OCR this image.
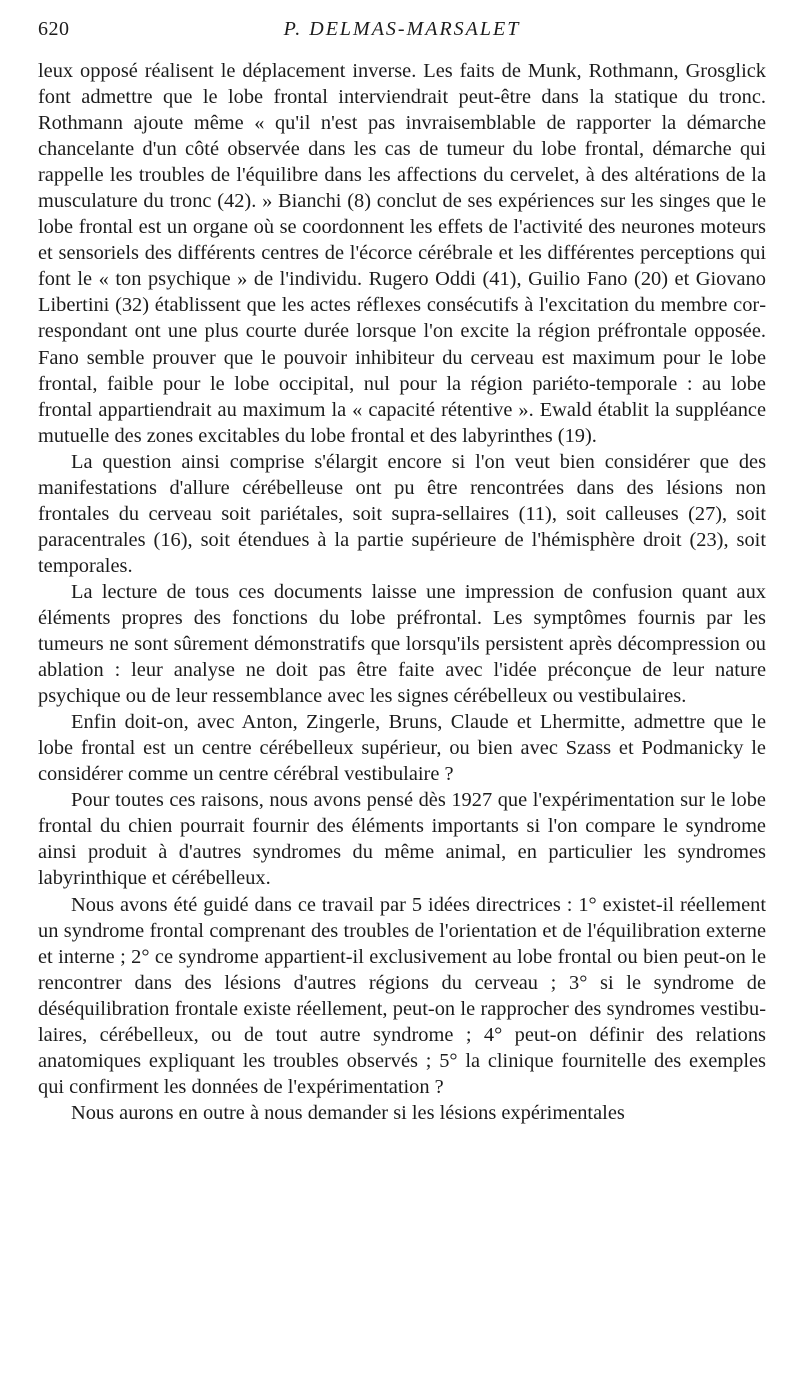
620	P. DELMAS-MARSALET

leux opposé réalisent le déplacement inverse. Les faits de Munk, Rothmann, Grosglick font admettre que le lobe frontal interviendrait peut-être dans la statique du tronc. Rothmann ajoute même « qu'il n'est pas invraisemblable de rapporter la démarche chancelante d'un côté observée dans les cas de tumeur du lobe frontal, démarche qui rappelle les troubles de l'équilibre dans les affections du cervelet, à des altérations de la musculature du tronc (42). » Bianchi (8) conclut de ses expériences sur les singes que le lobe frontal est un organe où se coordonnent les effets de l'activité des neurones moteurs et sensoriels des différents centres de l'écorce cérébrale et les différentes perceptions qui font le « ton psychique » de l'individu. Rugero Oddi (41), Guilio Fano (20) et Giovano Libertini (32) établissent que les actes réflexes consécutifs à l'excitation du membre correspondant ont une plus courte durée lorsque l'on excite la région préfrontale opposée. Fano semble prouver que le pouvoir inhibiteur du cerveau est maximum pour le lobe frontal, faible pour le lobe occipital, nul pour la région pariéto-temporale : au lobe frontal appartiendrait au maximum la « capacité rétentive ». Ewald établit la suppléance mutuelle des zones excitables du lobe frontal et des labyrinthes (19).

La question ainsi comprise s'élargit encore si l'on veut bien considérer que des manifestations d'allure cérébelleuse ont pu être rencontrées dans des lésions non frontales du cerveau soit pariétales, soit supra-sellaires (11), soit calleuses (27), soit paracentrales (16), soit étendues à la partie supérieure de l'hémisphère droit (23), soit temporales.

La lecture de tous ces documents laisse une impression de confusion quant aux éléments propres des fonctions du lobe préfrontal. Les symptômes fournis par les tumeurs ne sont sûrement démonstratifs que lorsqu'ils persistent après décompression ou ablation : leur analyse ne doit pas être faite avec l'idée préconçue de leur nature psychique ou de leur ressemblance avec les signes cérébelleux ou vestibulaires.

Enfin doit-on, avec Anton, Zingerle, Bruns, Claude et Lhermitte, admettre que le lobe frontal est un centre cérébelleux supérieur, ou bien avec Szass et Podmanicky le considérer comme un centre cérébral vestibulaire ?

Pour toutes ces raisons, nous avons pensé dès 1927 que l'expérimentation sur le lobe frontal du chien pourrait fournir des éléments importants si l'on compare le syndrome ainsi produit à d'autres syndromes du même animal, en particulier les syndromes labyrinthique et cérébelleux.

Nous avons été guidé dans ce travail par 5 idées directrices : 1° existet-il réellement un syndrome frontal comprenant des troubles de l'orientation et de l'équilibration externe et interne ; 2° ce syndrome appartient-il exclusivement au lobe frontal ou bien peut-on le rencontrer dans des lésions d'autres régions du cerveau ; 3° si le syndrome de déséquilibration frontale existe réellement, peut-on le rapprocher des syndromes vestibulaires, cérébelleux, ou de tout autre syndrome ; 4° peut-on définir des relations anatomiques expliquant les troubles observés ; 5° la clinique fournitelle des exemples qui confirment les données de l'expérimentation ?

Nous aurons en outre à nous demander si les lésions expérimentales
